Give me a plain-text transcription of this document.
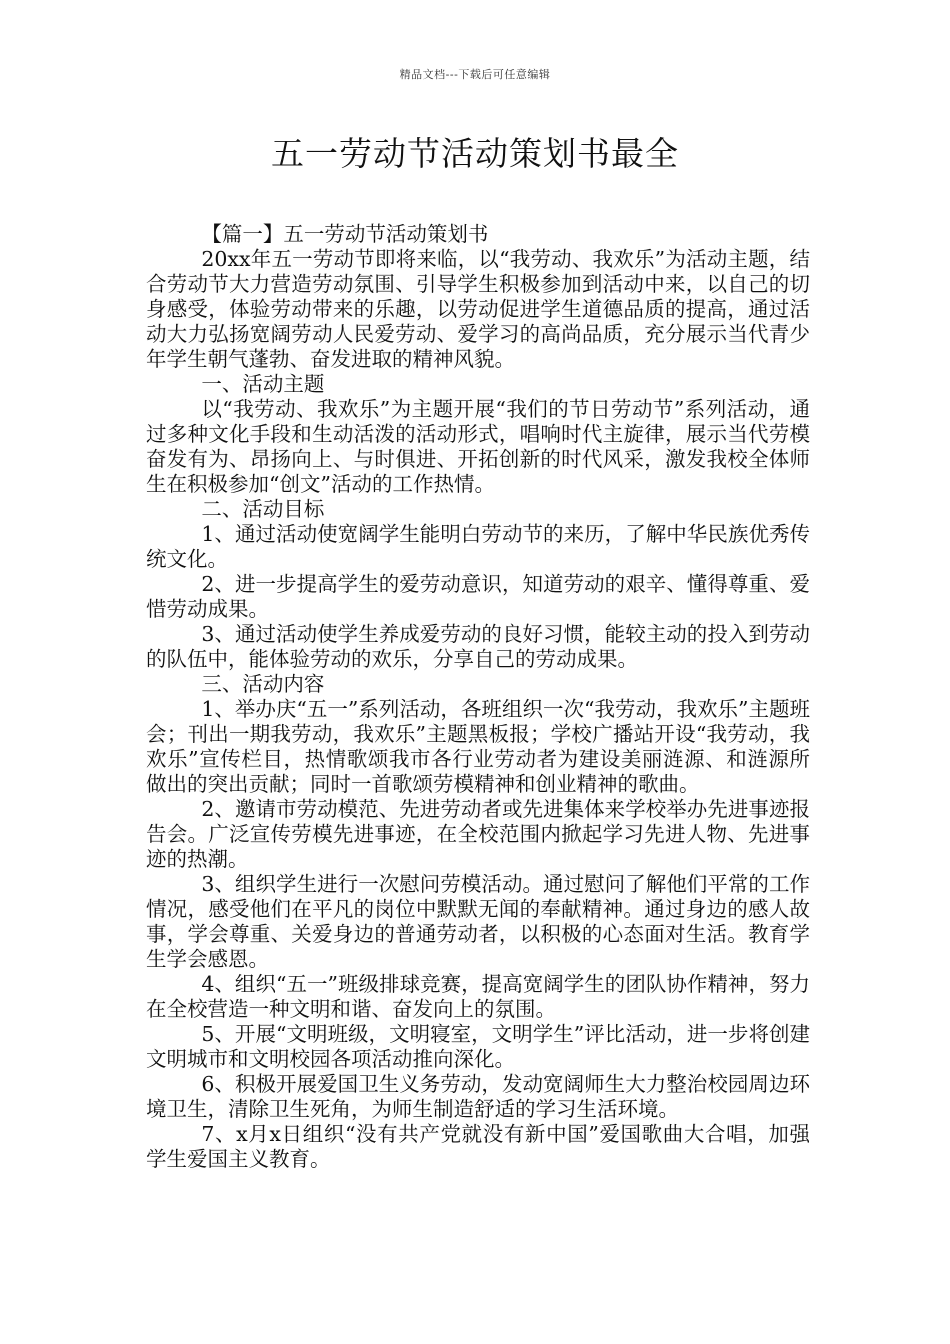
精品文档---下载后可任意编辑
五一劳动节活动策划书最全

【篇一】五一劳动节活动策划书

20xx年五一劳动节即将来临，以“我劳动、我欢乐”为活动主题，结合劳动节大力营造劳动氛围、引导学生积极参加到活动中来，以自己的切身感受，体验劳动带来的乐趣，以劳动促进学生道德品质的提高，通过活动大力弘扬宽阔劳动人民爱劳动、爱学习的高尚品质，充分展示当代青少年学生朝气蓬勃、奋发进取的精神风貌。

一、活动主题

以“我劳动、我欢乐”为主题开展“我们的节日劳动节”系列活动，通过多种文化手段和生动活泼的活动形式，唱响时代主旋律，展示当代劳模奋发有为、昂扬向上、与时俱进、开拓创新的时代风采，激发我校全体师生在积极参加“创文”活动的工作热情。

二、活动目标

1、通过活动使宽阔学生能明白劳动节的来历，了解中华民族优秀传统文化。

2、进一步提高学生的爱劳动意识，知道劳动的艰辛、懂得尊重、爱惜劳动成果。

3、通过活动使学生养成爱劳动的良好习惯，能较主动的投入到劳动的队伍中，能体验劳动的欢乐，分享自己的劳动成果。

三、活动内容

1、举办庆“五一”系列活动，各班组织一次“我劳动，我欢乐”主题班会；刊出一期我劳动，我欢乐”主题黑板报；学校广播站开设“我劳动，我欢乐”宣传栏目，热情歌颂我市各行业劳动者为建设美丽涟源、和涟源所做出的突出贡献；同时一首歌颂劳模精神和创业精神的歌曲。

2、邀请市劳动模范、先进劳动者或先进集体来学校举办先进事迹报告会。广泛宣传劳模先进事迹，在全校范围内掀起学习先进人物、先进事迹的热潮。

3、组织学生进行一次慰问劳模活动。通过慰问了解他们平常的工作情况，感受他们在平凡的岗位中默默无闻的奉献精神。通过身边的感人故事，学会尊重、关爱身边的普通劳动者，以积极的心态面对生活。教育学生学会感恩。

4、组织“五一”班级排球竞赛，提高宽阔学生的团队协作精神，努力在全校营造一种文明和谐、奋发向上的氛围。

5、开展“文明班级，文明寝室，文明学生”评比活动，进一步将创建文明城市和文明校园各项活动推向深化。

6、积极开展爱国卫生义务劳动，发动宽阔师生大力整治校园周边环境卫生，清除卫生死角，为师生制造舒适的学习生活环境。

7、x月x日组织“没有共产党就没有新中国”爱国歌曲大合唱，加强学生爱国主义教育。
